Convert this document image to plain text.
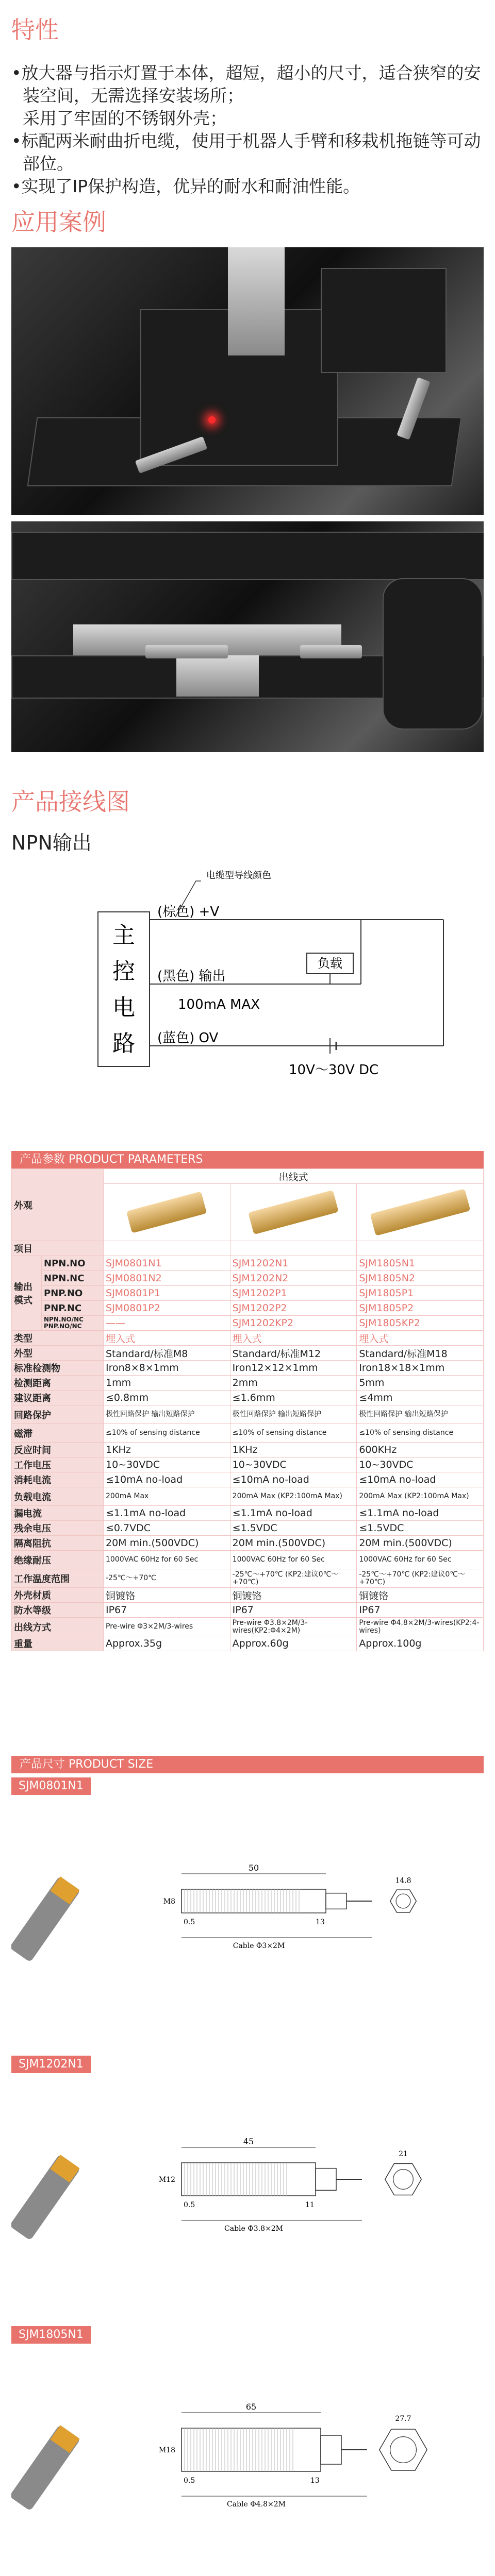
特性
•放大器与指示灯置于本体，超短，超小的尺寸，适合狭窄的安装空间，无需选择安装场所；
采用了牢固的不锈钢外壳；
•标配两米耐曲折电缆，使用于机器人手臂和移栽机拖链等可动部位。
•实现了IP保护构造，优异的耐水和耐油性能。
应用案例
产品接线图

NPN输出

主
控
电
路
电缆型导线颜色
(棕色) +V
(黑色) 输出
100mA MAX
(蓝色) OV
负载
10V～30V DC
产品参数 PRODUCT PARAMETERS
外观		出线式		

项目				
输出模式	NPN.NO	SJM0801N1	SJM1202N1	SJM1805N1
	NPN.NC	SJM0801N2	SJM1202N2	SJM1805N2
	PNP.NO	SJM0801P1	SJM1202P1	SJM1805P1
	PNP.NC	SJM0801P2	SJM1202P2	SJM1805P2
	NPN.NO/NC PNP.NO/NC	——	SJM1202KP2	SJM1805KP2
类型		埋入式	埋入式	埋入式
外型		Standard/标准M8	Standard/标准M12	Standard/标准M18
标准检测物		Iron8×8×1mm	Iron12×12×1mm	Iron18×18×1mm
检测距离		1mm	2mm	5mm
建议距离		≤0.8mm	≤1.6mm	≤4mm
回路保护		极性回路保护 输出短路保护	极性回路保护 输出短路保护	极性回路保护 输出短路保护
磁滞		≤10% of sensing distance	≤10% of sensing distance	≤10% of sensing distance
反应时间		1KHz	1KHz	600KHz
工作电压		10~30VDC	10~30VDC	10~30VDC
消耗电流		≤10mA no-load	≤10mA no-load	≤10mA no-load
负载电流		200mA Max	200mA Max (KP2:100mA Max)	200mA Max (KP2:100mA Max)
漏电流		≤1.1mA no-load	≤1.1mA no-load	≤1.1mA no-load
残余电压		≤0.7VDC	≤1.5VDC	≤1.5VDC
隔离阻抗		20M min.(500VDC)	20M min.(500VDC)	20M min.(500VDC)
绝缘耐压		1000VAC 60Hz for 60 Sec	1000VAC 60Hz for 60 Sec	1000VAC 60Hz for 60 Sec
工作温度范围		-25℃～+70℃	-25℃～+70℃ (KP2:建议0℃～+70℃)	-25℃～+70℃ (KP2:建议0℃～+70℃)
外壳材质		铜镀铬	铜镀铬	铜镀铬
防水等级		IP67	IP67	IP67
出线方式		Pre-wire Φ3×2M/3-wires	Pre-wire Φ3.8×2M/3-wires(KP2:Φ4×2M)	Pre-wire Φ4.8×2M/3-wires(KP2:4-wires)
重量		Approx.35g	Approx.60g	Approx.100g
产品尺寸 PRODUCT SIZE
SJM0801N1
50
M8
0.5	13
Cable Φ3×2M
14.8
SJM1202N1
45
M12
0.5	11
Cable Φ3.8×2M
21
SJM1805N1
65
M18
0.5	13
Cable Φ4.8×2M
27.7
